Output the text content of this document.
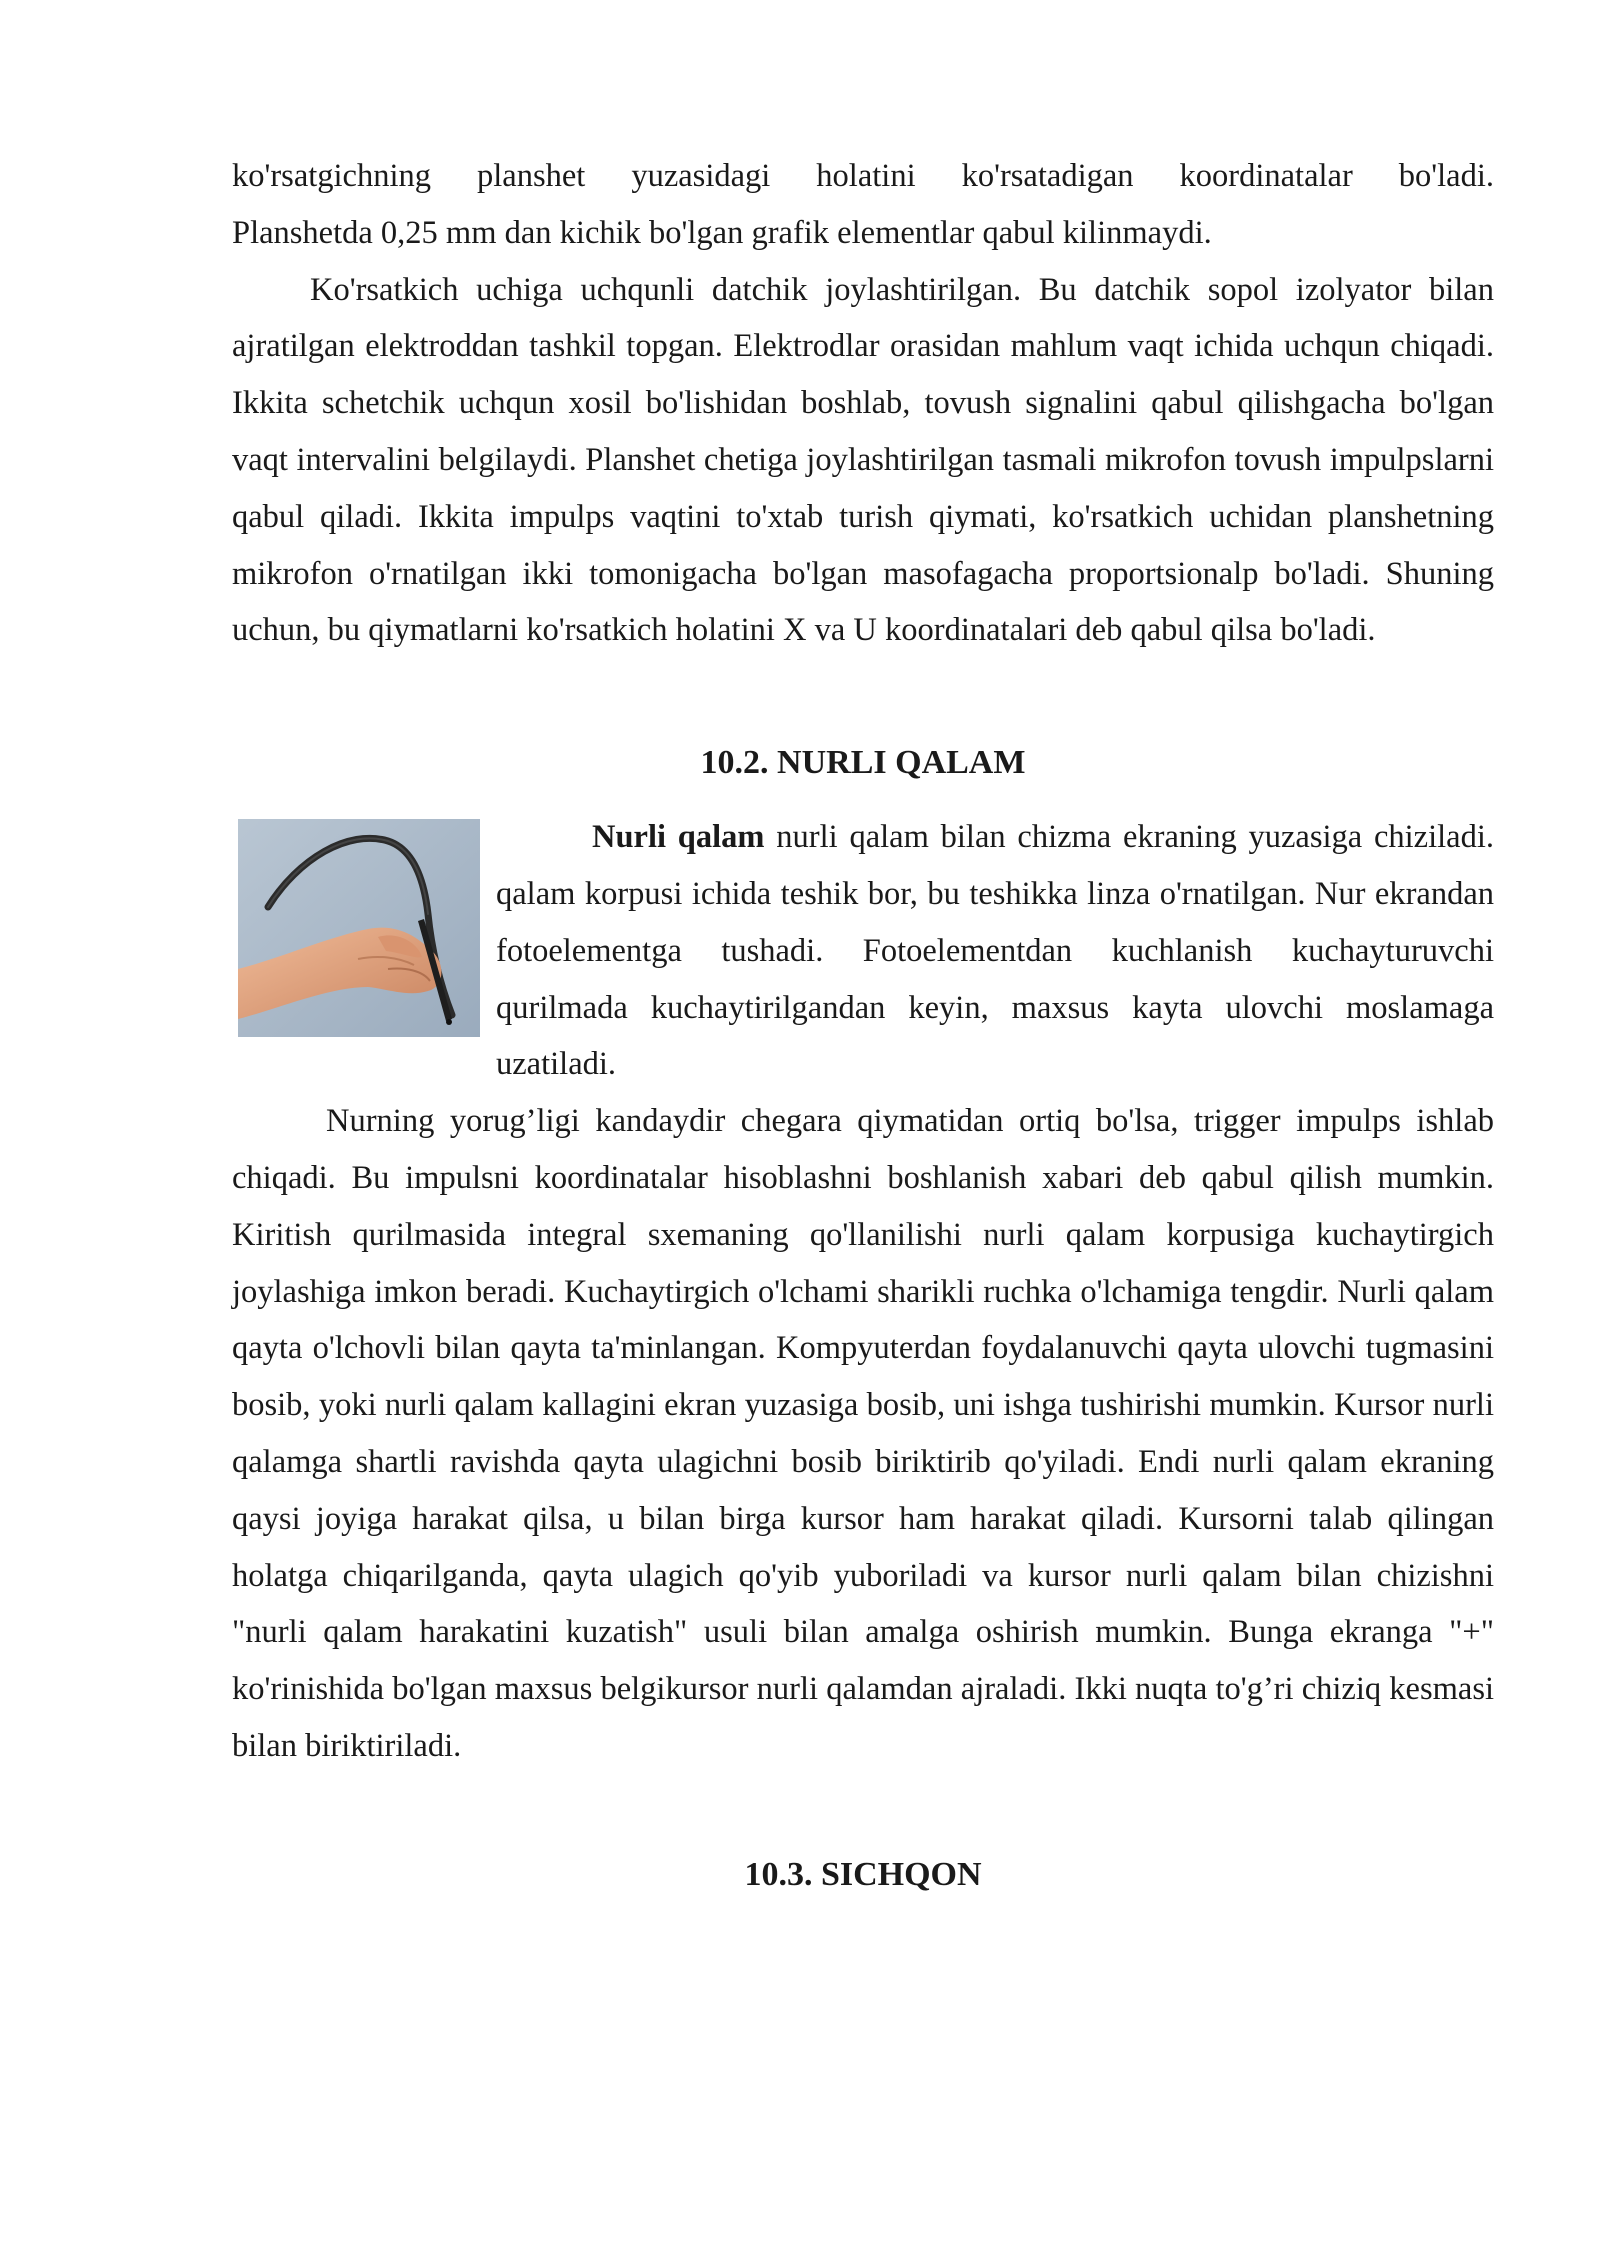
ko'rsatgichning planshet yuzasidagi holatini ko'rsatadigan koordinatalar bo'ladi.

Planshetda 0,25 mm dan kichik bo'lgan grafik elementlar qabul kilinmaydi.

Ko'rsatkich uchiga uchqunli datchik joylashtirilgan. Bu datchik sopol izolyator bilan ajratilgan elektroddan tashkil topgan. Elektrodlar orasidan mahlum vaqt ichida uchqun chiqadi. Ikkita schetchik uchqun xosil bo'lishidan boshlab, tovush signalini qabul qilishgacha bo'lgan vaqt intervalini belgilaydi. Planshet chetiga joylashtirilgan tasmali mikrofon tovush impulpslarni qabul qiladi. Ikkita impulps vaqtini to'xtab turish qiymati, ko'rsatkich uchidan planshetning mikrofon o'rnatilgan ikki tomonigacha bo'lgan masofagacha proportsionalp bo'ladi. Shuning uchun, bu qiymatlarni ko'rsatkich holatini X va U koordinatalari deb qabul qilsa bo'ladi.

10.2. NURLI QALAM

Nurli qalam nurli qalam bilan chizma ekraning yuzasiga chiziladi. qalam korpusi ichida teshik bor, bu teshikka linza o'rnatilgan. Nur ekrandan fotoelementga tushadi. Fotoelementdan kuchlanish kuchayturuvchi qurilmada kuchaytirilgandan keyin, maxsus kayta ulovchi moslamaga uzatiladi.

Nurning yorug’ligi kandaydir chegara qiymatidan ortiq bo'lsa, trigger impulps ishlab chiqadi. Bu impulsni koordinatalar hisoblashni boshlanish xabari deb qabul qilish mumkin. Kiritish qurilmasida integral sxemaning qo'llanilishi nurli qalam korpusiga kuchaytirgich joylashiga imkon beradi. Kuchaytirgich o'lchami sharikli ruchka o'lchamiga tengdir. Nurli qalam qayta o'lchovli bilan qayta ta'minlangan. Kompyuterdan foydalanuvchi qayta ulovchi tugmasini bosib, yoki nurli qalam kallagini ekran yuzasiga bosib, uni ishga tushirishi mumkin. Kursor nurli qalamga shartli ravishda qayta ulagichni bosib biriktirib qo'yiladi. Endi nurli qalam ekraning qaysi joyiga harakat qilsa, u bilan birga kursor ham harakat qiladi. Kursorni talab qilingan holatga chiqarilganda, qayta ulagich qo'yib yuboriladi va kursor nurli qalam bilan chizishni "nurli qalam harakatini kuzatish" usuli bilan amalga oshirish mumkin. Bunga ekranga "+" ko'rinishida bo'lgan maxsus belgikursor nurli qalamdan ajraladi. Ikki nuqta to'g’ri chiziq kesmasi bilan biriktiriladi.

10.3. SICHQON
